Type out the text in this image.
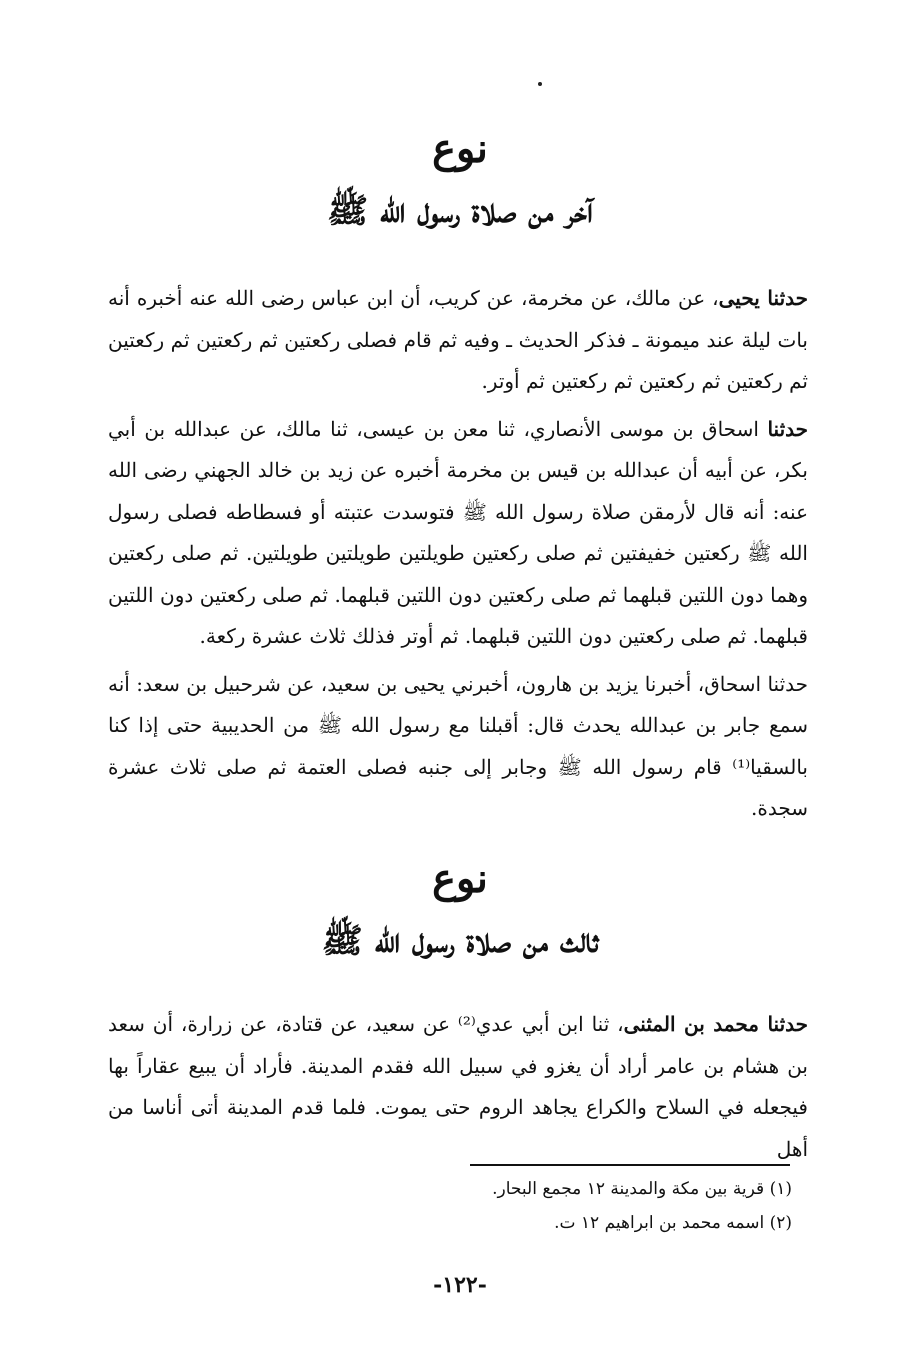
نوع
آخر من صلاة رسول الله ﷺ

حدثنا يحيى، عن مالك، عن مخرمة، عن كريب، أن ابن عباس رضى الله عنه أخبره أنه بات ليلة عند ميمونة ـ فذكر الحديث ـ وفيه ثم قام فصلى ركعتين ثم ركعتين ثم ركعتين ثم ركعتين ثم ركعتين ثم ركعتين ثم أوتر.

حدثنا اسحاق بن موسى الأنصاري، ثنا معن بن عيسى، ثنا مالك، عن عبدالله بن أبي بكر، عن أبيه أن عبدالله بن قيس بن مخرمة أخبره عن زيد بن خالد الجهني رضى الله عنه: أنه قال لأرمقن صلاة رسول الله ﷺ فتوسدت عتبته أو فسطاطه فصلى رسول الله ﷺ ركعتين خفيفتين ثم صلى ركعتين طويلتين طويلتين طويلتين. ثم صلى ركعتين وهما دون اللتين قبلهما ثم صلى ركعتين دون اللتين قبلهما. ثم صلى ركعتين دون اللتين قبلهما. ثم صلى ركعتين دون اللتين قبلهما. ثم أوتر فذلك ثلاث عشرة ركعة.

حدثنا اسحاق، أخبرنا يزيد بن هارون، أخبرني يحيى بن سعيد، عن شرحبيل بن سعد: أنه سمع جابر بن عبدالله يحدث قال: أقبلنا مع رسول الله ﷺ من الحديبية حتى إذا كنا بالسقيا⁽¹⁾ قام رسول الله ﷺ وجابر إلى جنبه فصلى العتمة ثم صلى ثلاث عشرة سجدة.

نوع
ثالث من صلاة رسول الله ﷺ

حدثنا محمد بن المثنى، ثنا ابن أبي عدي⁽²⁾ عن سعيد، عن قتادة، عن زرارة، أن سعد بن هشام بن عامر أراد أن يغزو في سبيل الله فقدم المدينة. فأراد أن يبيع عقاراً بها فيجعله في السلاح والكراع يجاهد الروم حتى يموت. فلما قدم المدينة أتى أناسا من أهل

(١) قرية بين مكة والمدينة ١٢ مجمع البحار.
(٢) اسمه محمد بن ابراهيم ١٢ ت.
-١٢٢-
